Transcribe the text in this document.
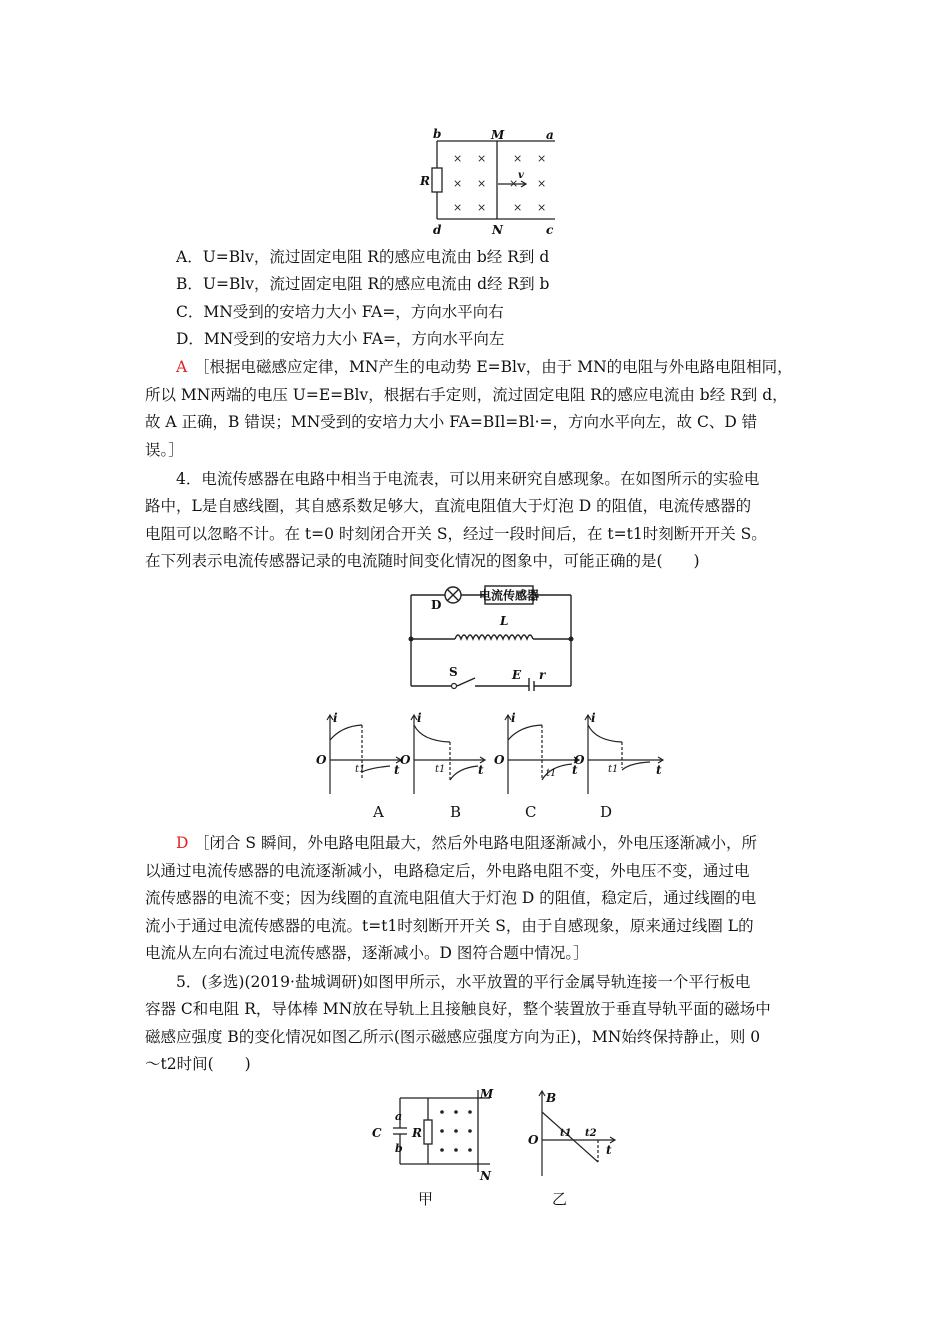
× × × ×
× × × ×
× × × ×
b	M	a
R	v
d	N	c
A．U=Blv，流过固定电阻 R的感应电流由 b经 R到 d
B．U=Blv，流过固定电阻 R的感应电流由 d经 R到 b
C．MN受到的安培力大小 FA=，方向水平向右
D．MN受到的安培力大小 FA=，方向水平向左
A ［根据电磁感应定律，MN产生的电动势 E=Blv，由于 MN的电阻与外电路电阻相同，
所以 MN两端的电压 U=E=Blv，根据右手定则，流过固定电阻 R的感应电流由 b经 R到 d，
故 A 正确，B 错误；MN受到的安培力大小 FA=BIl=Bl·=，方向水平向左，故 C、D 错
误。］
4．电流传感器在电路中相当于电流表，可以用来研究自感现象。在如图所示的实验电
路中，L是自感线圈，其自感系数足够大，直流电阻值大于灯泡 D 的阻值，电流传感器的
电阻可以忽略不计。在 t=0 时刻闭合开关 S，经过一段时间后，在 t=t1时刻断开开关 S。
在下列表示电流传感器记录的电流随时间变化情况的图象中，可能正确的是(　　)
电流传感器
D
L
S	E r
i
O
t1 t
i
O
t1	t
i
O
t1 t
i
O
t1	t
A	B	C	D
D ［闭合 S 瞬间，外电路电阻最大，然后外电路电阻逐渐减小，外电压逐渐减小，所
以通过电流传感器的电流逐渐减小，电路稳定后，外电路电阻不变，外电压不变，通过电
流传感器的电流不变；因为线圈的直流电阻值大于灯泡 D 的阻值，稳定后，通过线圈的电
流小于通过电流传感器的电流。t=t1时刻断开开关 S，由于自感现象，原来通过线圈 L的
电流从左向右流过电流传感器，逐渐减小。D 图符合题中情况。］
5．(多选)(2019·盐城调研)如图甲所示，水平放置的平行金属导轨连接一个平行板电
容器 C和电阻 R，导体棒 MN放在导轨上且接触良好，整个装置放于垂直导轨平面的磁场中
磁感应强度 B的变化情况如图乙所示(图示磁感应强度方向为正)，MN始终保持静止，则 0
～t2时间(　　)
C
a
b
R
M
N
B
O t1 t2
t
甲	乙
